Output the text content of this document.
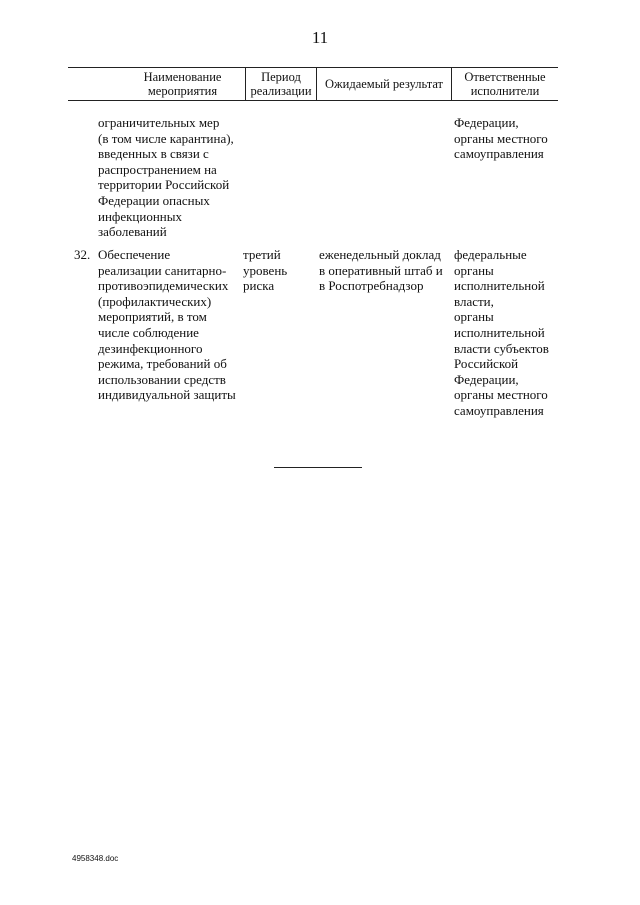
11
Наименование
мероприятия
Период
реализации Ожидаемый результат Ответственные
исполнители
ограничительных мер
(в том числе карантина),
введенных в связи с
распространением на
территории Российской
Федерации опасных
инфекционных
заболеваний
Федерации,
органы местного
самоуправления
32. Обеспечение
реализации санитарно-
противоэпидемических
(профилактических)
мероприятий, в том
числе соблюдение
дезинфекционного
режима, требований об
использовании средств
индивидуальной защиты
третий
уровень
риска
еженедельный доклад
в оперативный штаб и
в Роспотребнадзор
федеральные
органы
исполнительной
власти,
органы
исполнительной
власти субъектов
Российской
Федерации,
органы местного
самоуправления
4958348.doc
